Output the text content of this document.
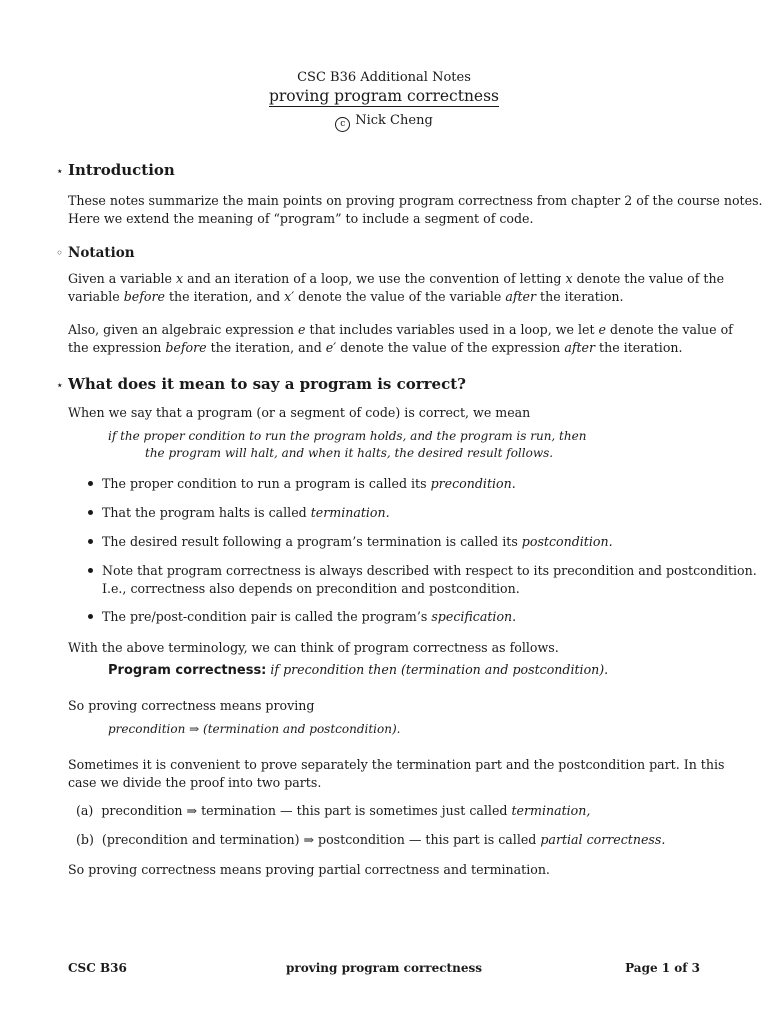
CSC B36 Additional Notes
proving program correctness
c Nick Cheng
⋆ Introduction
These notes summarize the main points on proving program correctness from chapter 2 of the course notes.
Here we extend the meaning of “program” to include a segment of code.
◦ Notation
Given a variable x and an iteration of a loop, we use the convention of letting x denote the value of the
variable before the iteration, and x′ denote the value of the variable after the iteration.
Also, given an algebraic expression e that includes variables used in a loop, we let e denote the value of
the expression before the iteration, and e′ denote the value of the expression after the iteration.
⋆ What does it mean to say a program is correct?
When we say that a program (or a segment of code) is correct, we mean
if the proper condition to run the program holds, and the program is run, then
the program will halt, and when it halts, the desired result follows.
The proper condition to run a program is called its precondition.
That the program halts is called termination.
The desired result following a program’s termination is called its postcondition.
Note that program correctness is always described with respect to its precondition and postcondition.
I.e., correctness also depends on precondition and postcondition.
The pre/post-condition pair is called the program’s specification.
With the above terminology, we can think of program correctness as follows.
Program correctness: if precondition then (termination and postcondition).
So proving correctness means proving
precondition ⇒ (termination and postcondition).
Sometimes it is convenient to prove separately the termination part and the postcondition part. In this
case we divide the proof into two parts.
(a) precondition ⇒ termination — this part is sometimes just called termination,
(b) (precondition and termination) ⇒ postcondition — this part is called partial correctness.
So proving correctness means proving partial correctness and termination.
CSC B36	proving program correctness	Page 1 of 3
